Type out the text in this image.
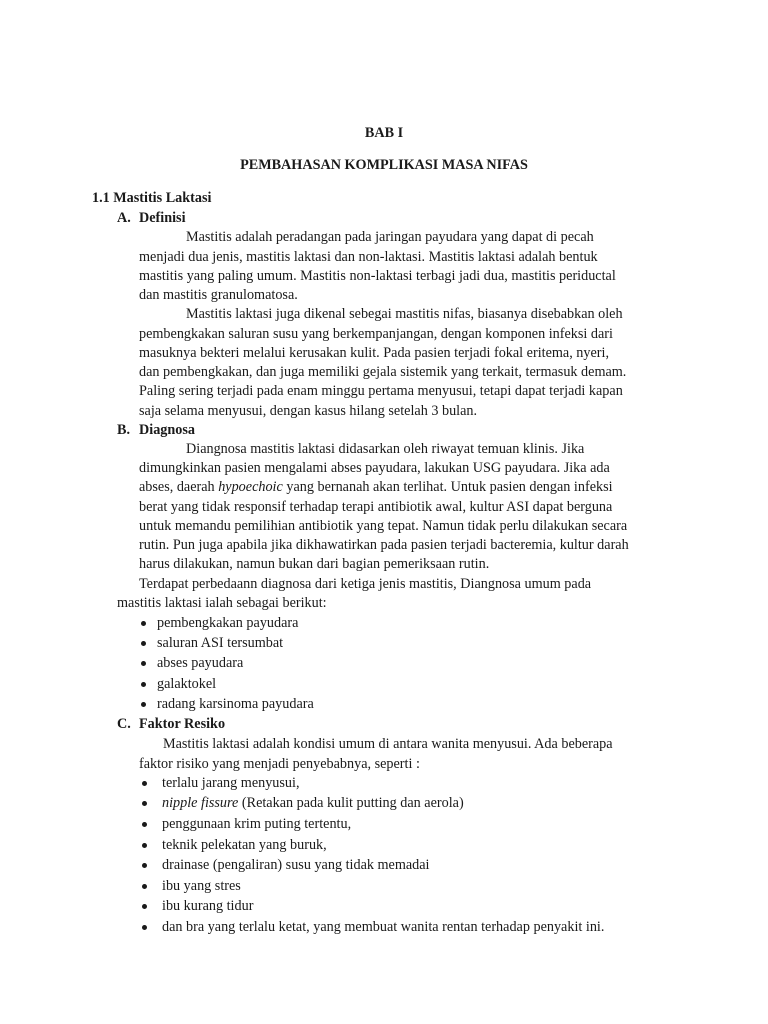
BAB I
PEMBAHASAN KOMPLIKASI MASA NIFAS
1.1 Mastitis Laktasi
A. Definisi
Mastitis adalah peradangan pada jaringan payudara yang dapat di pecah
menjadi dua jenis, mastitis laktasi dan non-laktasi. Mastitis laktasi adalah bentuk
mastitis yang paling umum. Mastitis non-laktasi terbagi jadi dua, mastitis periductal
dan mastitis granulomatosa.
Mastitis laktasi juga dikenal sebegai mastitis nifas, biasanya disebabkan oleh
pembengkakan saluran susu yang berkempanjangan, dengan komponen infeksi dari
masuknya bekteri melalui kerusakan kulit. Pada pasien terjadi fokal eritema, nyeri,
dan pembengkakan, dan juga memiliki gejala sistemik yang terkait, termasuk demam.
Paling sering terjadi pada enam minggu pertama menyusui, tetapi dapat terjadi kapan
saja selama menyusui, dengan kasus hilang setelah 3 bulan.
B. Diagnosa
Diangnosa mastitis laktasi didasarkan oleh riwayat temuan klinis. Jika
dimungkinkan pasien mengalami abses payudara, lakukan USG payudara. Jika ada
abses, daerah hypoechoic yang bernanah akan terlihat. Untuk pasien dengan infeksi
berat yang tidak responsif terhadap terapi antibiotik awal, kultur ASI dapat berguna
untuk memandu pemilihian antibiotik yang tepat. Namun tidak perlu dilakukan secara
rutin. Pun juga apabila jika dikhawatirkan pada pasien terjadi bacteremia, kultur darah
harus dilakukan, namun bukan dari bagian pemeriksaan rutin.
Terdapat perbedaann diagnosa dari ketiga jenis mastitis, Diangnosa umum pada
mastitis laktasi ialah sebagai berikut:
pembengkakan payudara
saluran ASI tersumbat
abses payudara
galaktokel
radang karsinoma payudara
C. Faktor Resiko
Mastitis laktasi adalah kondisi umum di antara wanita menyusui. Ada beberapa
faktor risiko yang menjadi penyebabnya, seperti :
terlalu jarang menyusui,
nipple fissure (Retakan pada kulit putting dan aerola)
penggunaan krim puting tertentu,
teknik pelekatan yang buruk,
drainase (pengaliran) susu yang tidak memadai
ibu yang stres
ibu kurang tidur
dan bra yang terlalu ketat, yang membuat wanita rentan terhadap penyakit ini.
